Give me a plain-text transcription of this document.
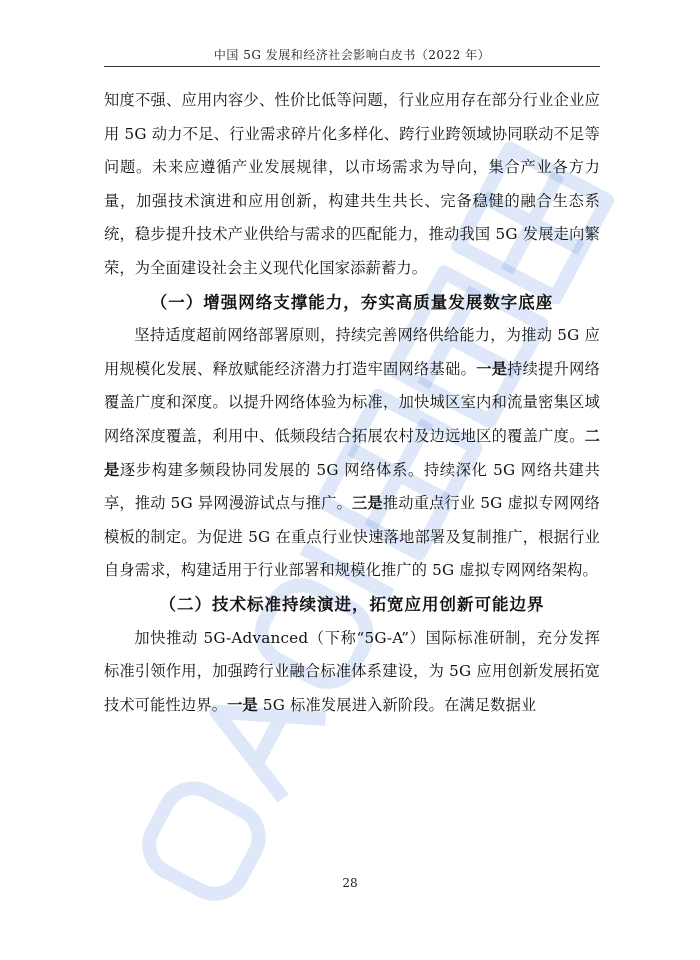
中国 5G 发展和经济社会影响白皮书（2022 年）

知度不强、应用内容少、性价比低等问题，行业应用存在部分行业企业应用 5G 动力不足、行业需求碎片化多样化、跨行业跨领域协同联动不足等问题。未来应遵循产业发展规律，以市场需求为导向，集合产业各方力量，加强技术演进和应用创新，构建共生共长、完备稳健的融合生态系统，稳步提升技术产业供给与需求的匹配能力，推动我国 5G 发展走向繁荣，为全面建设社会主义现代化国家添薪蓄力。

（一）增强网络支撑能力，夯实高质量发展数字底座

坚持适度超前网络部署原则，持续完善网络供给能力，为推动 5G 应用规模化发展、释放赋能经济潜力打造牢固网络基础。一是持续提升网络覆盖广度和深度。以提升网络体验为标准，加快城区室内和流量密集区域网络深度覆盖，利用中、低频段结合拓展农村及边远地区的覆盖广度。二是逐步构建多频段协同发展的 5G 网络体系。持续深化 5G 网络共建共享，推动 5G 异网漫游试点与推广。三是推动重点行业 5G 虚拟专网网络模板的制定。为促进 5G 在重点行业快速落地部署及复制推广，根据行业自身需求，构建适用于行业部署和规模化推广的 5G 虚拟专网网络架构。

（二）技术标准持续演进，拓宽应用创新可能边界

加快推动 5G-Advanced（下称“5G-A”）国际标准研制，充分发挥标准引领作用，加强跨行业融合标准体系建设，为 5G 应用创新发展拓宽技术可能性边界。一是 5G 标准发展进入新阶段。在满足数据业

28
